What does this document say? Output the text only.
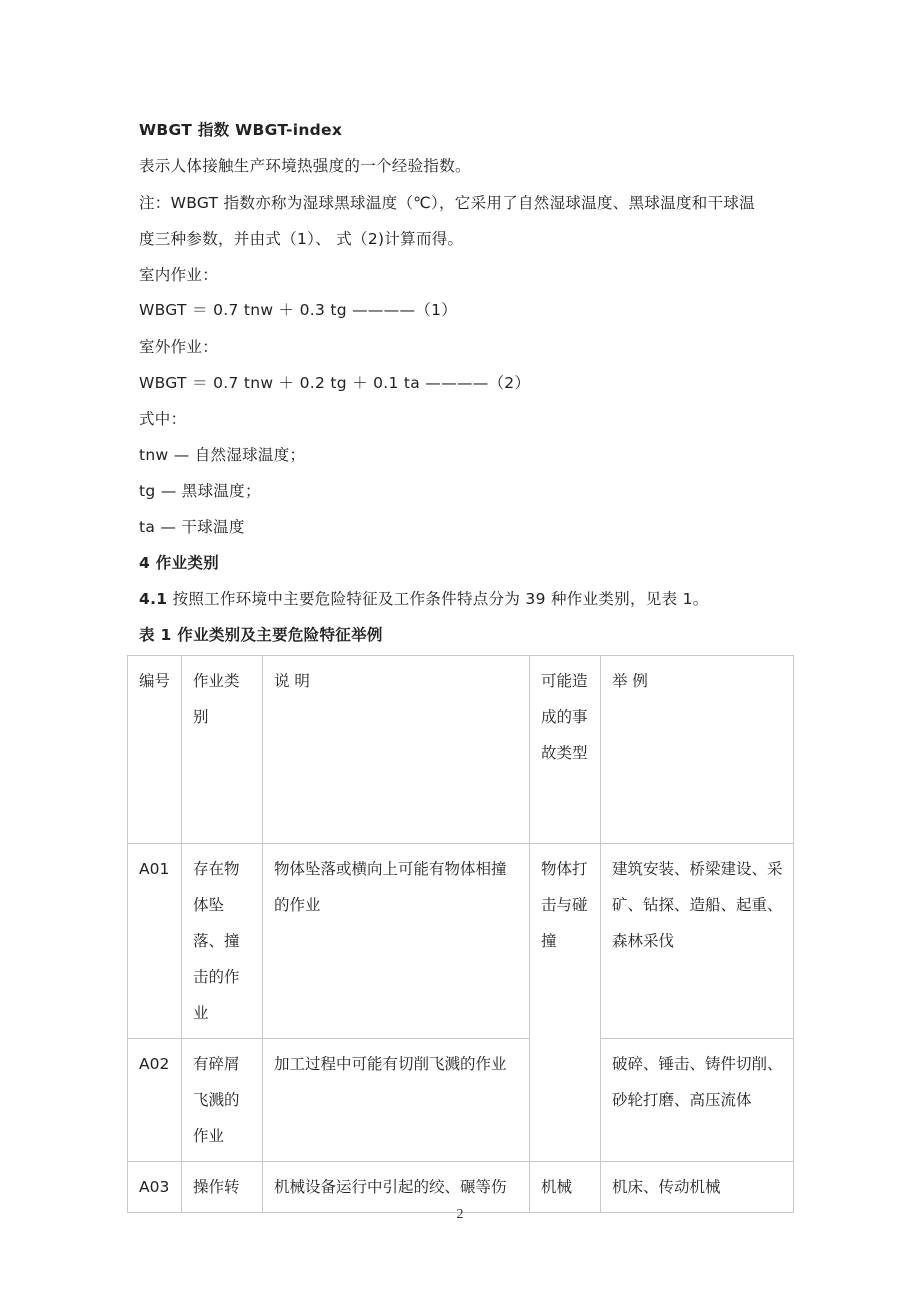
WBGT 指数 WBGT-index
表示人体接触生产环境热强度的一个经验指数。
注：WBGT 指数亦称为湿球黑球温度（℃），它采用了自然湿球温度、黑球温度和干球温
度三种参数，并由式（1）、 式（2)计算而得。
室内作业：
WBGT ＝ 0.7 tnw ＋ 0.3 tg ————（1）
室外作业：
WBGT ＝ 0.7 tnw ＋ 0.2 tg ＋ 0.1 ta ————（2）
式中：
tnw — 自然湿球温度；
tg — 黑球温度；
ta — 干球温度
4 作业类别
4.1 按照工作环境中主要危险特征及工作条件特点分为 39 种作业类别，见表 1。
表 1 作业类别及主要危险特征举例
编号	作业类别	说 明	可能造成的事故类型	举 例
A01	存在物体坠落、撞击的作业	物体坠落或横向上可能有物体相撞的作业	物体打击与碰撞	建筑安装、桥梁建设、采矿、钻探、造船、起重、森林采伐
A02	有碎屑飞溅的作业	加工过程中可能有切削飞溅的作业		破碎、锤击、铸件切削、砂轮打磨、高压流体
A03	操作转	机械设备运行中引起的绞、碾等伤	机械	机床、传动机械
2
